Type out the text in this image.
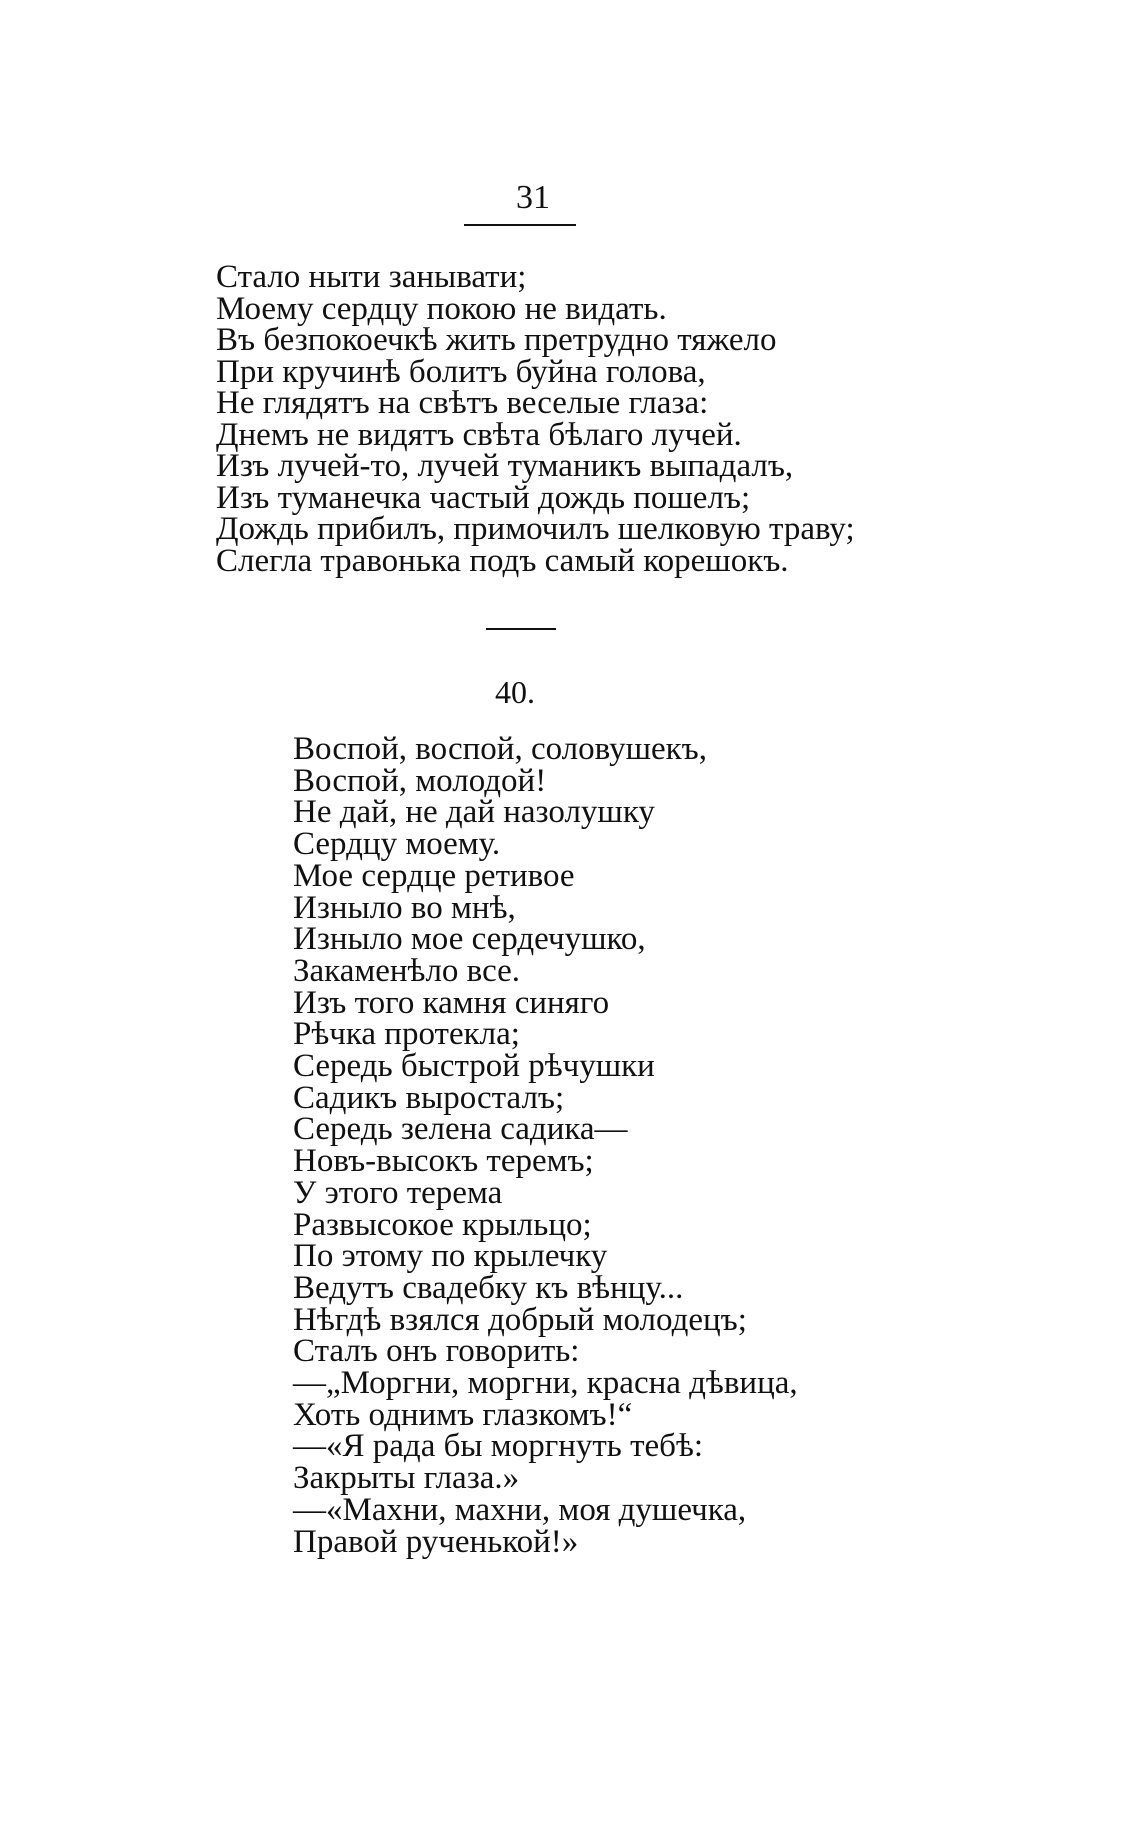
31
Стало ныти занывати;
Моему сердцу покою не видать.
Въ безпокоечкѣ жить претрудно тяжело
При кручинѣ болитъ буйна голова,
Не глядятъ на свѣтъ веселые глаза:
Днемъ не видятъ свѣта бѣлаго лучей.
Изъ лучей-то, лучей туманикъ выпадалъ,
Изъ туманечка частый дождь пошелъ;
Дождь прибилъ, примочилъ шелковую траву;
Слегла травонька подъ самый корешокъ.
40.
Воспой, воспой, соловушекъ,
Воспой, молодой!
Не дай, не дай назолушку
Сердцу моему.
Мое сердце ретивое
Изныло во мнѣ,
Изныло мое сердечушко,
Закаменѣло все.
Изъ того камня синяго
Рѣчка протекла;
Середь быстрой рѣчушки
Садикъ выросталъ;
Середь зелена садика—
Новъ-высокъ теремъ;
У этого терема
Развысокое крыльцо;
По этому по крылечку
Ведутъ свадебку къ вѣнцу...
Нѣгдѣ взялся добрый молодецъ;
Сталъ онъ говорить:
—„Моргни, моргни, красна дѣвица,
Хоть однимъ глазкомъ!“
—«Я рада бы моргнуть тебѣ:
Закрыты глаза.»
—«Махни, махни, моя душечка,
Правой рученькой!»
